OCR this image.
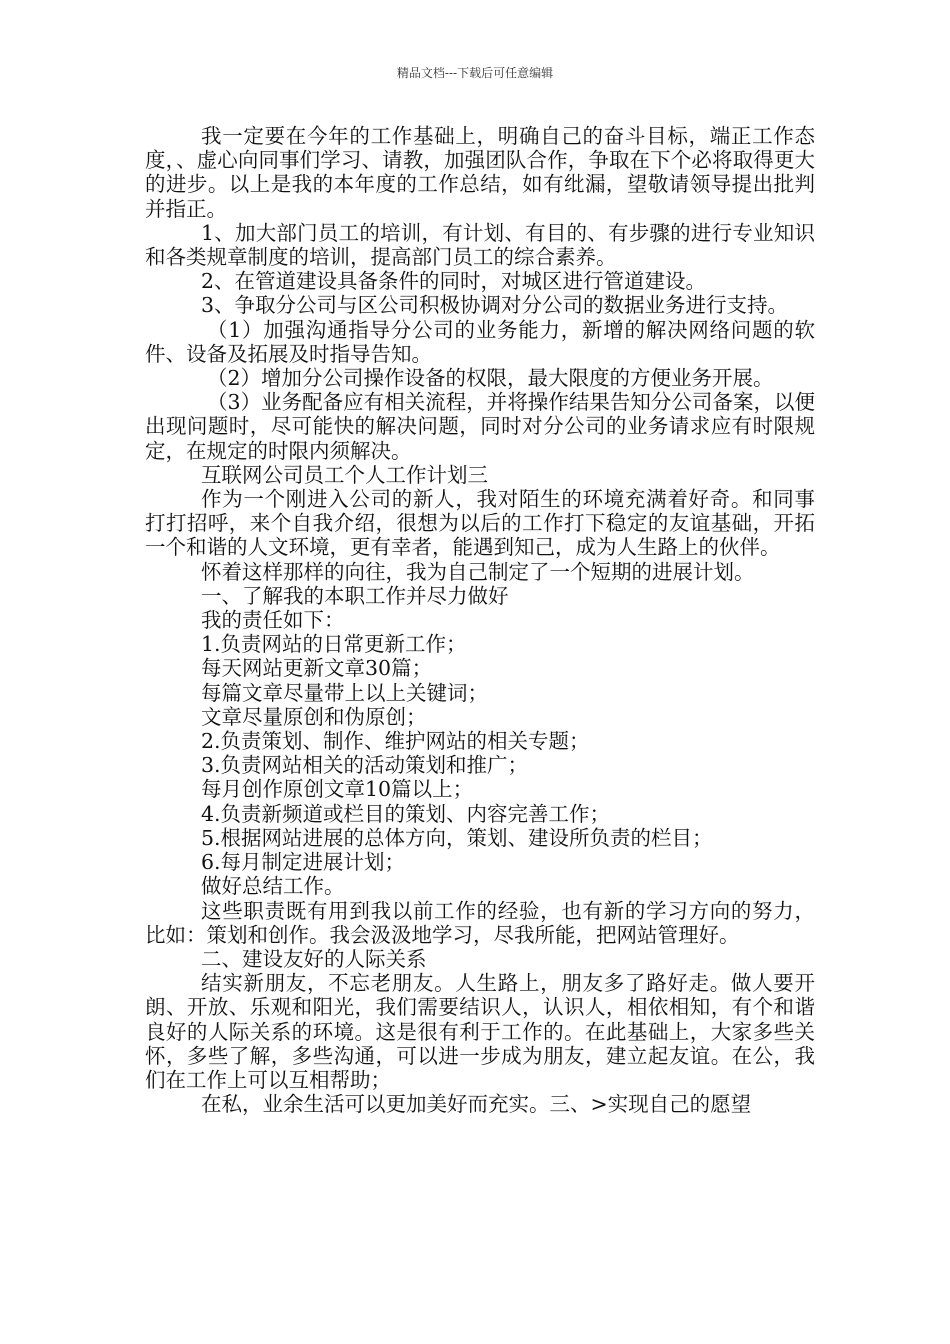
精品文档---下载后可任意编辑

我一定要在今年的工作基础上，明确自己的奋斗目标，端正工作态度，、虚心向同事们学习、请教，加强团队合作，争取在下个必将取得更大的进步。以上是我的本年度的工作总结，如有纰漏，望敬请领导提出批判并指正。

1、加大部门员工的培训，有计划、有目的、有步骤的进行专业知识和各类规章制度的培训，提高部门员工的综合素养。

2、在管道建设具备条件的同时，对城区进行管道建设。

3、争取分公司与区公司积极协调对分公司的数据业务进行支持。

（1）加强沟通指导分公司的业务能力，新增的解决网络问题的软件、设备及拓展及时指导告知。

（2）增加分公司操作设备的权限，最大限度的方便业务开展。

（3）业务配备应有相关流程，并将操作结果告知分公司备案，以便出现问题时，尽可能快的解决问题，同时对分公司的业务请求应有时限规定，在规定的时限内须解决。

互联网公司员工个人工作计划三

作为一个刚进入公司的新人，我对陌生的环境充满着好奇。和同事打打招呼，来个自我介绍，很想为以后的工作打下稳定的友谊基础，开拓一个和谐的人文环境，更有幸者，能遇到知己，成为人生路上的伙伴。

怀着这样那样的向往，我为自己制定了一个短期的进展计划。

一、了解我的本职工作并尽力做好

我的责任如下：

1.负责网站的日常更新工作；

每天网站更新文章30篇；

每篇文章尽量带上以上关键词；

文章尽量原创和伪原创；

2.负责策划、制作、维护网站的相关专题；

3.负责网站相关的活动策划和推广；

每月创作原创文章10篇以上；

4.负责新频道或栏目的策划、内容完善工作；

5.根据网站进展的总体方向，策划、建设所负责的栏目；

6.每月制定进展计划；

做好总结工作。

这些职责既有用到我以前工作的经验，也有新的学习方向的努力，比如：策划和创作。我会汲汲地学习，尽我所能，把网站管理好。

二、建设友好的人际关系

结实新朋友，不忘老朋友。人生路上，朋友多了路好走。做人要开朗、开放、乐观和阳光，我们需要结识人，认识人，相依相知，有个和谐良好的人际关系的环境。这是很有利于工作的。在此基础上，大家多些关怀，多些了解，多些沟通，可以进一步成为朋友，建立起友谊。在公，我们在工作上可以互相帮助；

在私，业余生活可以更加美好而充实。三、>实现自己的愿望
